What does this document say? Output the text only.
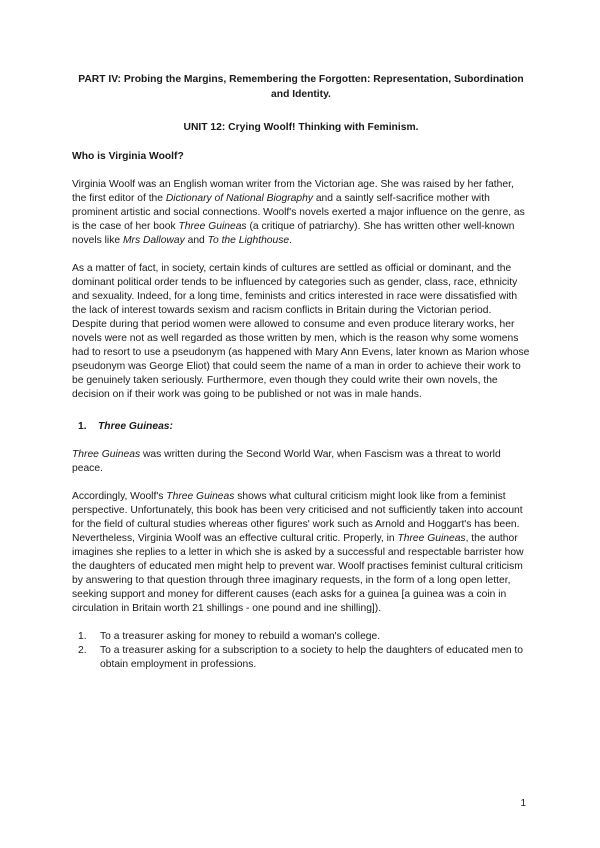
PART IV: Probing the Margins, Remembering the Forgotten: Representation, Subordination and Identity.

UNIT 12: Crying Woolf! Thinking with Feminism.

Who is Virginia Woolf?

Virginia Woolf was an English woman writer from the Victorian age. She was raised by her father, the first editor of the Dictionary of National Biography and a saintly self-sacrifice mother with prominent artistic and social connections. Woolf's novels exerted a major influence on the genre, as is the case of her book Three Guineas (a critique of patriarchy). She has written other well-known novels like Mrs Dalloway and To the Lighthouse.

As a matter of fact, in society, certain kinds of cultures are settled as official or dominant, and the dominant political order tends to be influenced by categories such as gender, class, race, ethnicity and sexuality. Indeed, for a long time, feminists and critics interested in race were dissatisfied with the lack of interest towards sexism and racism conflicts in Britain during the Victorian period.

Despite during that period women were allowed to consume and even produce literary works, her novels were not as well regarded as those written by men, which is the reason why some womens had to resort to use a pseudonym (as happened with Mary Ann Evens, later known as Marion whose pseudonym was George Eliot) that could seem the name of a man in order to achieve their work to be genuinely taken seriously. Furthermore, even though they could write their own novels, the decision on if their work was going to be published or not was in male hands.

1. Three Guineas:

Three Guineas was written during the Second World War, when Fascism was a threat to world peace.

Accordingly, Woolf's Three Guineas shows what cultural criticism might look like from a feminist perspective. Unfortunately, this book has been very criticised and not sufficiently taken into account for the field of cultural studies whereas other figures' work such as Arnold and Hoggart's has been.

Nevertheless, Virginia Woolf was an effective cultural critic. Properly, in Three Guineas, the author imagines she replies to a letter in which she is asked by a successful and respectable barrister how the daughters of educated men might help to prevent war. Woolf practises feminist cultural criticism by answering to that question through three imaginary requests, in the form of a long open letter, seeking support and money for different causes (each asks for a guinea [a guinea was a coin in circulation in Britain worth 21 shillings - one pound and ine shilling]).

1. To a treasurer asking for money to rebuild a woman's college.
2. To a treasurer asking for a subscription to a society to help the daughters of educated men to obtain employment in professions.
1
